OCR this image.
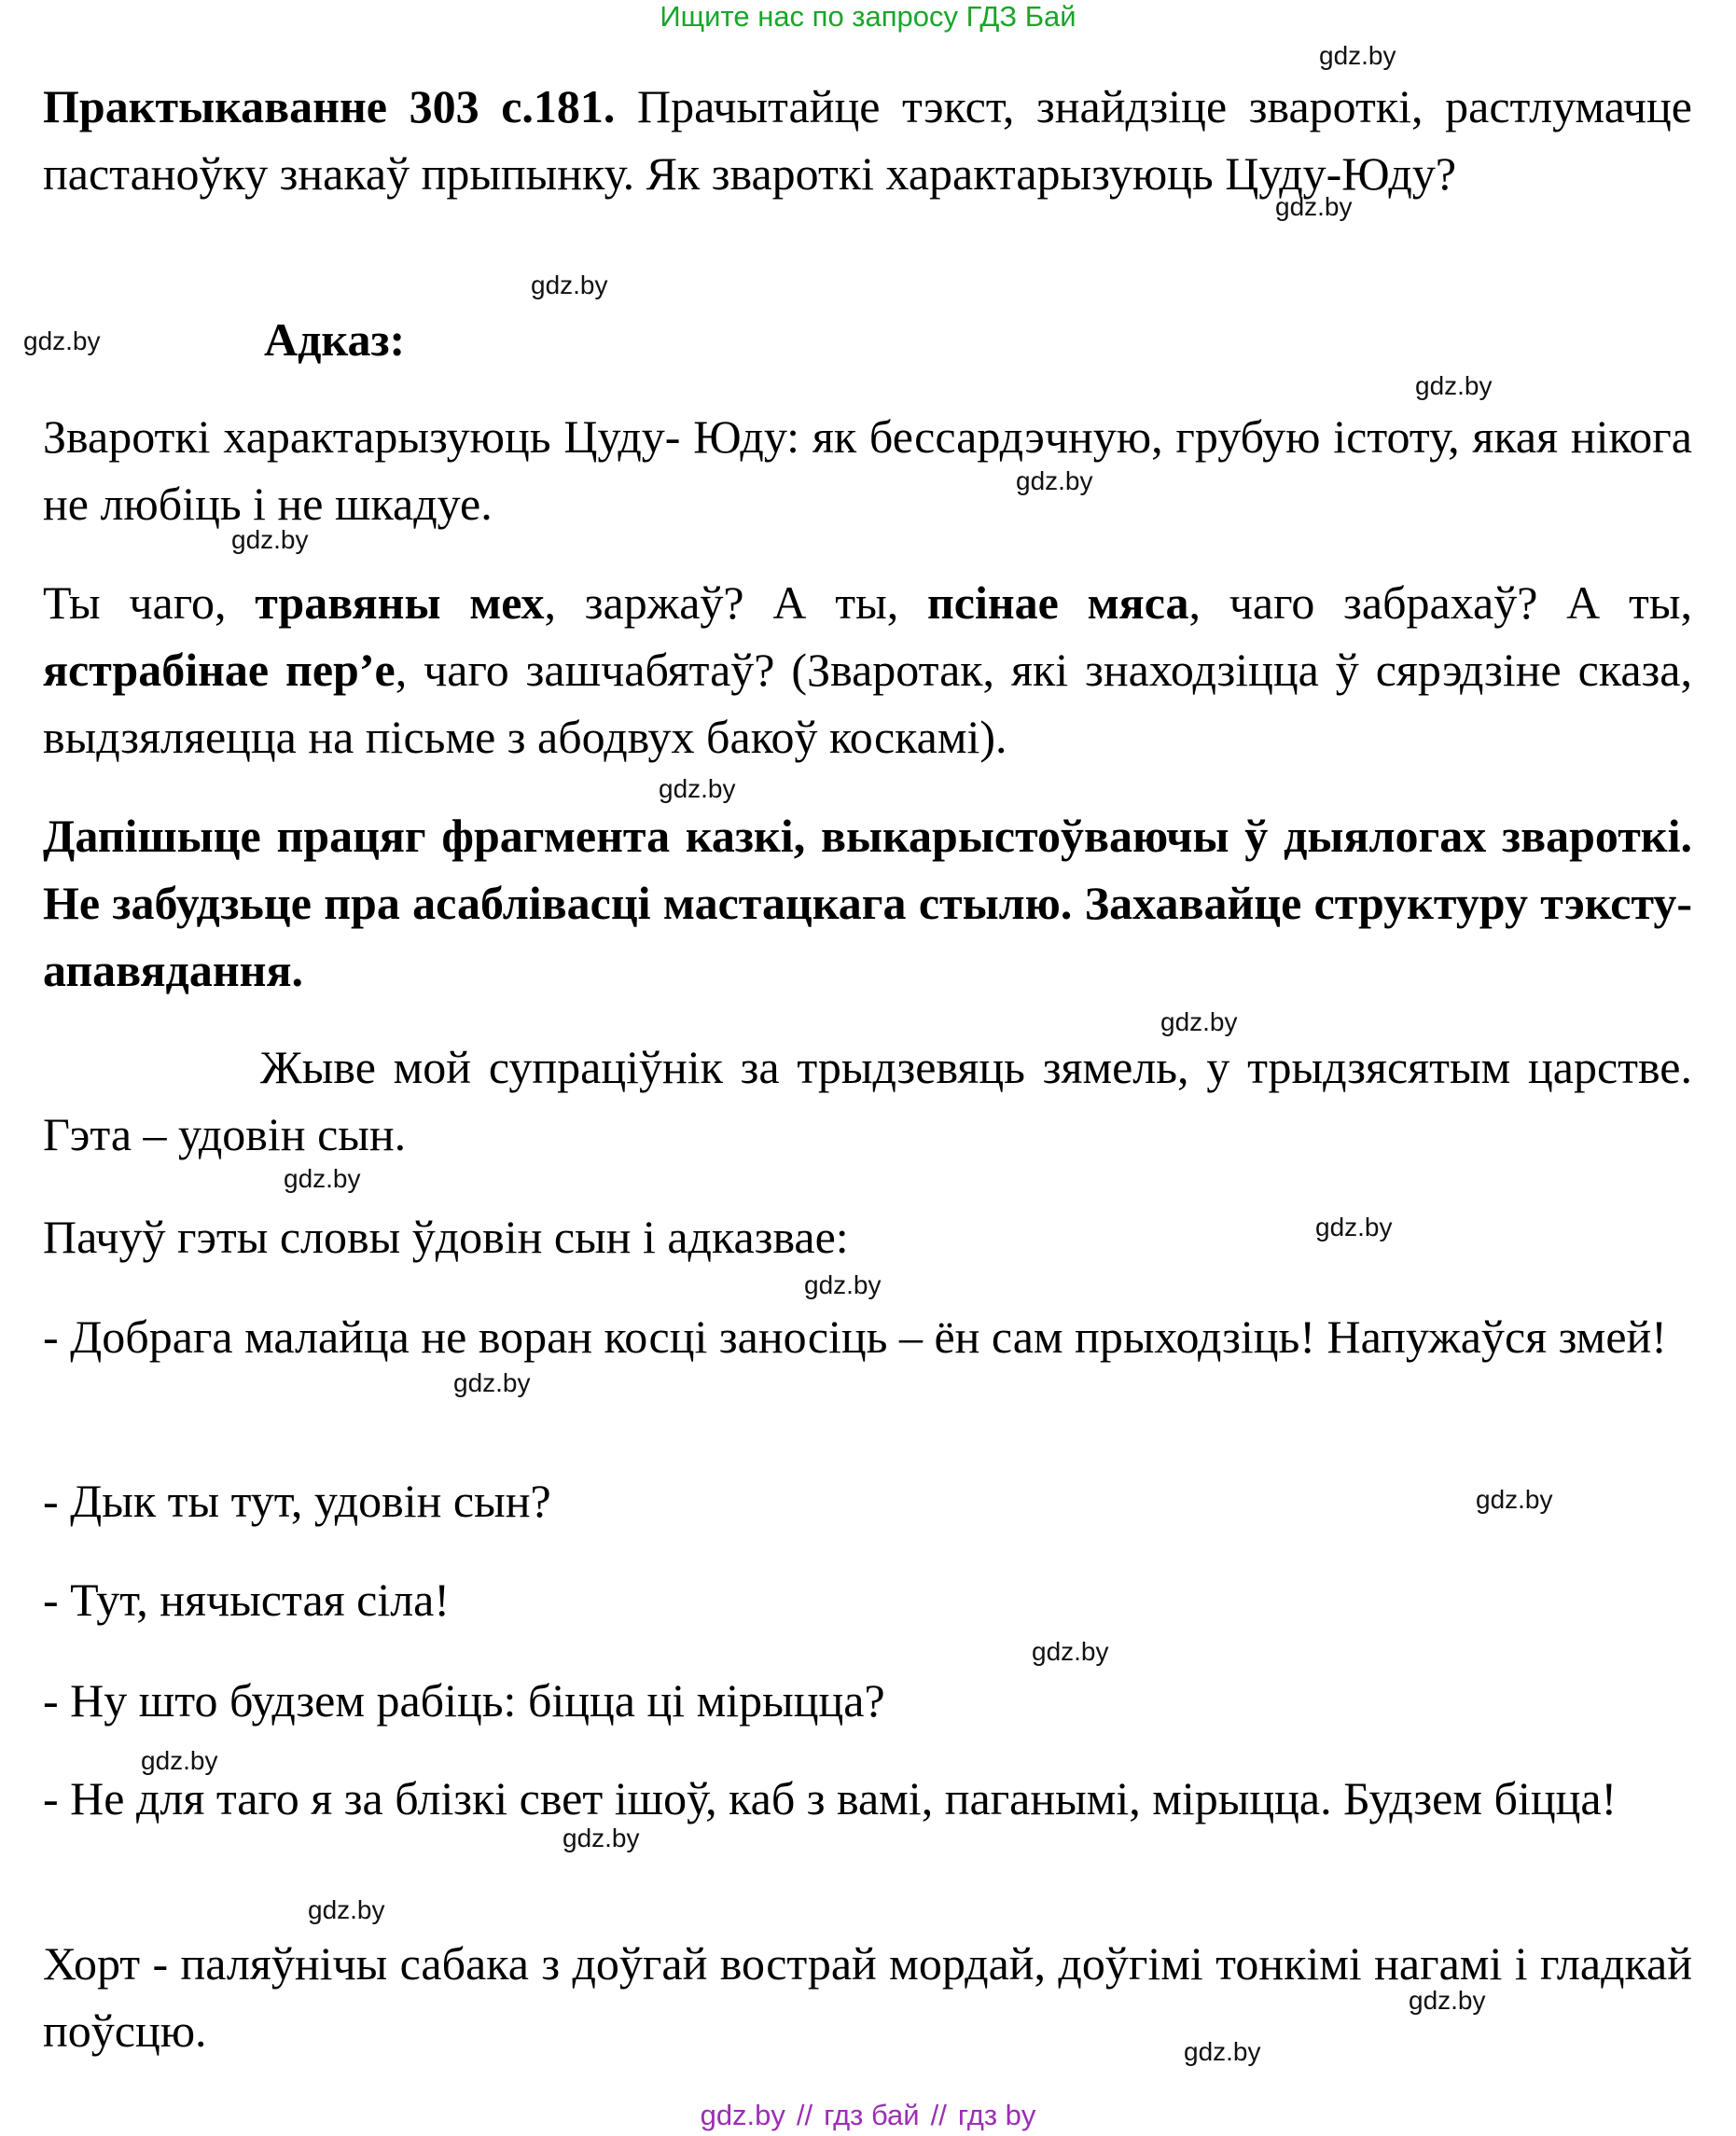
Ищите нас по запросу ГДЗ Бай
Практыкаванне 303 с.181. Прачытайце тэкст, знайдзіце звароткі, растлумачце пастаноўку знакаў прыпынку. Як звароткі характарызуюць Цуду-Юду?
Адказ:
Звароткі характарызуюць Цуду- Юду: як бессардэчную, грубую істоту, якая нікога не любіць і не шкадуе.
Ты чаго, травяны мех, заржаў? А ты, псінае мяса, чаго забрахаў? А ты, ястрабінае пер’е, чаго зашчабятаў? (Зваротак, які знаходзіцца ў сярэдзіне сказа, выдзяляецца на пісьме з абодвух бакоў коскамі).
Дапішыце працяг фрагмента казкі, выкарыстоўваючы ў дыялогах звароткі. Не забудзьце пра асаблівасці мастацкага стылю. Захавайце структуру тэксту-апавядання.
Жыве мой супраціўнік за трыдзевяць зямель, у трыдзясятым царстве. Гэта – удовін сын.
Пачуў гэты словы ўдовін сын і адказвае:
- Добрага малайца не воран косці заносіць – ён сам прыходзіць! Напужаўся змей!
- Дык ты тут, удовін сын?
- Тут, нячыстая сіла!
- Ну што будзем рабіць: біцца ці мірыцца?
- Не для таго я за блізкі свет ішоў, каб з вамі, паганымі, мірыцца. Будзем біцца!
Хорт - паляўнічы сабака з доўгай вострай мордай, доўгімі тонкімі нагамі і гладкай поўсцю.
gdz.by
gdz.by
gdz.by
gdz.by
gdz.by
gdz.by
gdz.by
gdz.by
gdz.by
gdz.by
gdz.by
gdz.by
gdz.by
gdz.by
gdz.by
gdz.by
gdz.by
gdz.by
gdz.by
gdz.by
gdz.by // гдз бай // гдз by
